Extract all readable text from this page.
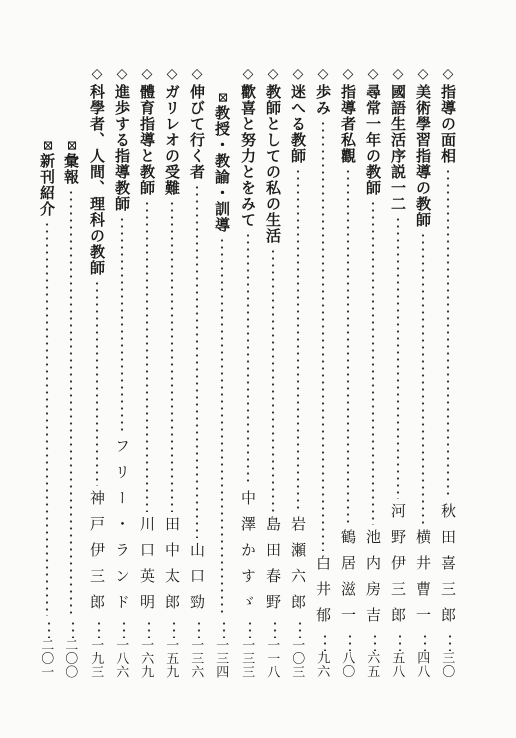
◇
指導の面相
秋田喜三郎
三〇
◇
美術學習指導の教師
横井曹一
四八
◇
國語生活序説一二
河野伊三郎
五八
◇
尋常一年の教師
池内房吉
六五
◇
指導者私觀
鶴居滋一
八〇
◇
歩み
白井郁
九六
◇
迷へる教師
岩瀬六郎
一〇三
◇
教師としての私の生活
島田春野
一一八
◇
歡喜と努力とをみて
中澤かすゞ
一三三
⊠
教授・教諭・訓導
一三四
◇
伸びて行く者
山口勁
一三六
◇
ガリレオの受難
田中太郎
一五九
◇
體育指導と教師
川口英明
一六九
◇
進歩する指導教師
フリー・ランド
一八六
◇
科學者、人間、理科の教師
神戸伊三郎
一九三
⊠
彙報
二〇〇
⊠
新刊紹介
二〇一
